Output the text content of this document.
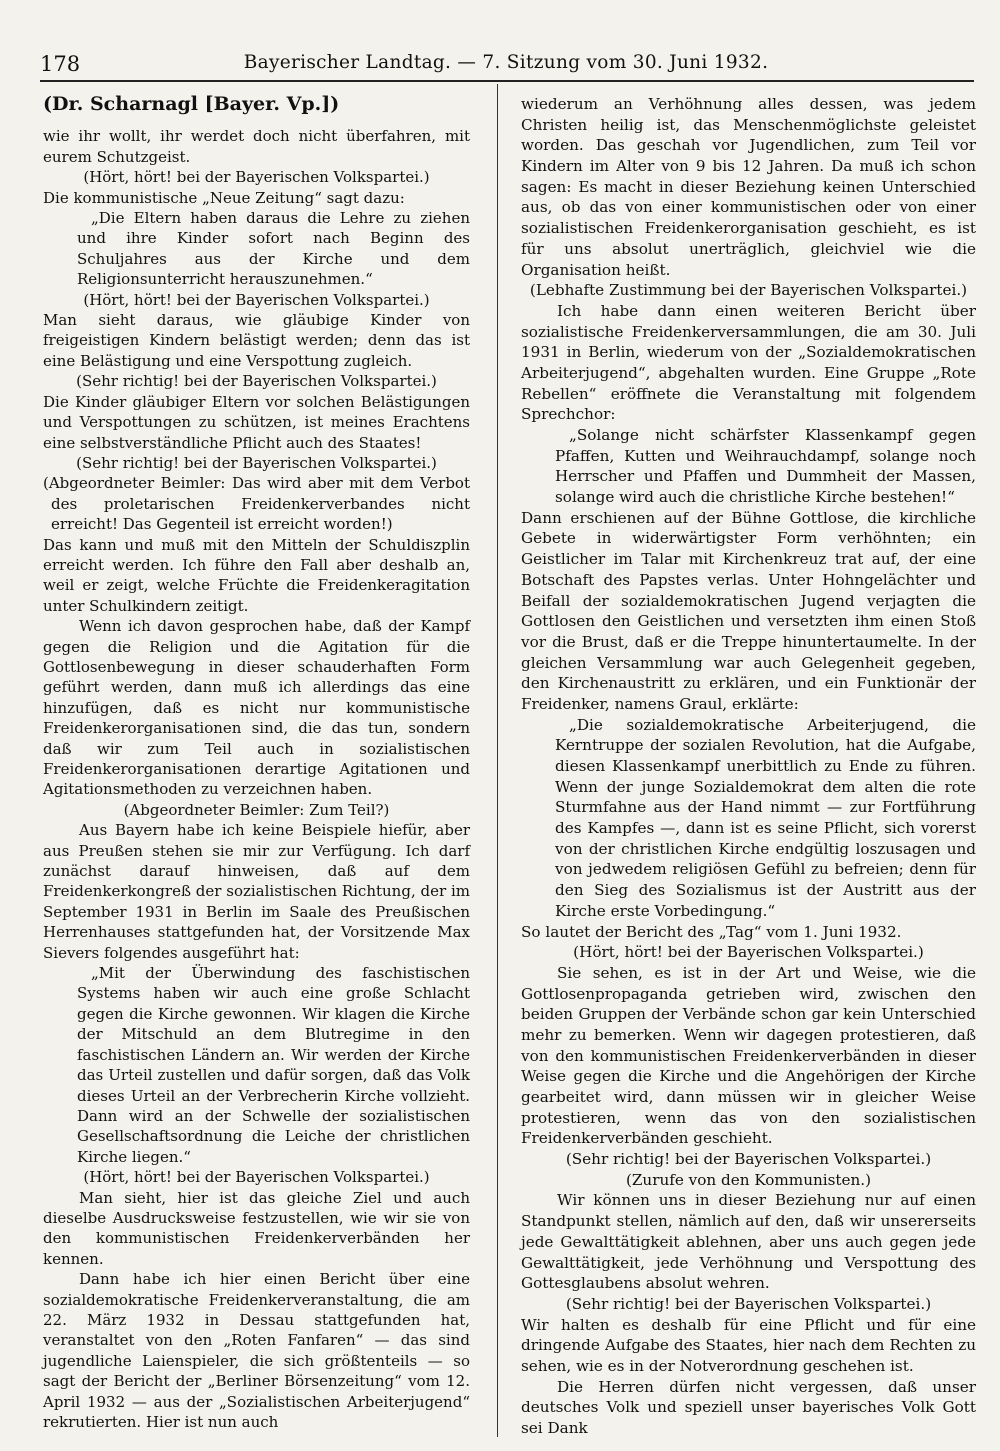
178	Bayerischer Landtag. — 7. Sitzung vom 30. Juni 1932.

(Dr. Scharnagl [Bayer. Vp.])

wie ihr wollt, ihr werdet doch nicht überfahren, mit eurem Schutzgeist.

(Hört, hört! bei der Bayerischen Volkspartei.)

Die kommunistische „Neue Zeitung“ sagt dazu:

„Die Eltern haben daraus die Lehre zu ziehen und ihre Kinder sofort nach Beginn des Schuljahres aus der Kirche und dem Religionsunterricht herauszunehmen.“

(Hört, hört! bei der Bayerischen Volkspartei.)

Man sieht daraus, wie gläubige Kinder von freigeistigen Kindern belästigt werden; denn das ist eine Belästigung und eine Verspottung zugleich.

(Sehr richtig! bei der Bayerischen Volkspartei.)

Die Kinder gläubiger Eltern vor solchen Belästigungen und Verspottungen zu schützen, ist meines Erachtens eine selbstverständliche Pflicht auch des Staates!

(Sehr richtig! bei der Bayerischen Volkspartei.)

(Abgeordneter Beimler: Das wird aber mit dem Verbot des proletarischen Freidenkerverbandes nicht erreicht! Das Gegenteil ist erreicht worden!)

Das kann und muß mit den Mitteln der Schuldiszplin erreicht werden. Ich führe den Fall aber deshalb an, weil er zeigt, welche Früchte die Freidenkeragitation unter Schulkindern zeitigt.

Wenn ich davon gesprochen habe, daß der Kampf gegen die Religion und die Agitation für die Gottlosenbewegung in dieser schauderhaften Form geführt werden, dann muß ich allerdings das eine hinzufügen, daß es nicht nur kommunistische Freidenkerorganisationen sind, die das tun, sondern daß wir zum Teil auch in sozialistischen Freidenkerorganisationen derartige Agitationen und Agitationsmethoden zu verzeichnen haben.

(Abgeordneter Beimler: Zum Teil?)

Aus Bayern habe ich keine Beispiele hiefür, aber aus Preußen stehen sie mir zur Verfügung. Ich darf zunächst darauf hinweisen, daß auf dem Freidenkerkongreß der sozialistischen Richtung, der im September 1931 in Berlin im Saale des Preußischen Herrenhauses stattgefunden hat, der Vorsitzende Max Sievers folgendes ausgeführt hat:

„Mit der Überwindung des faschistischen Systems haben wir auch eine große Schlacht gegen die Kirche gewonnen. Wir klagen die Kirche der Mitschuld an dem Blutregime in den faschistischen Ländern an. Wir werden der Kirche das Urteil zustellen und dafür sorgen, daß das Volk dieses Urteil an der Verbrecherin Kirche vollzieht. Dann wird an der Schwelle der sozialistischen Gesellschaftsordnung die Leiche der christlichen Kirche liegen.“

(Hört, hört! bei der Bayerischen Volkspartei.)

Man sieht, hier ist das gleiche Ziel und auch dieselbe Ausdrucksweise festzustellen, wie wir sie von den kommunistischen Freidenkerverbänden her kennen.

Dann habe ich hier einen Bericht über eine sozialdemokratische Freidenkerveranstaltung, die am 22. März 1932 in Dessau stattgefunden hat, veranstaltet von den „Roten Fanfaren“ — das sind jugendliche Laienspieler, die sich größtenteils — so sagt der Bericht der „Berliner Börsenzeitung“ vom 12. April 1932 — aus der „Sozialistischen Arbeiterjugend“ rekrutierten. Hier ist nun auch

wiederum an Verhöhnung alles dessen, was jedem Christen heilig ist, das Menschenmöglichste geleistet worden. Das geschah vor Jugendlichen, zum Teil vor Kindern im Alter von 9 bis 12 Jahren. Da muß ich schon sagen: Es macht in dieser Beziehung keinen Unterschied aus, ob das von einer kommunistischen oder von einer sozialistischen Freidenkerorganisation geschieht, es ist für uns absolut unerträglich, gleichviel wie die Organisation heißt.

(Lebhafte Zustimmung bei der Bayerischen Volkspartei.)

Ich habe dann einen weiteren Bericht über sozialistische Freidenkerversammlungen, die am 30. Juli 1931 in Berlin, wiederum von der „Sozialdemokratischen Arbeiterjugend“, abgehalten wurden. Eine Gruppe „Rote Rebellen“ eröffnete die Veranstaltung mit folgendem Sprechchor:

„Solange nicht schärfster Klassenkampf gegen Pfaffen, Kutten und Weihrauchdampf, solange noch Herrscher und Pfaffen und Dummheit der Massen, solange wird auch die christliche Kirche bestehen!“

Dann erschienen auf der Bühne Gottlose, die kirchliche Gebete in widerwärtigster Form verhöhnten; ein Geistlicher im Talar mit Kirchenkreuz trat auf, der eine Botschaft des Papstes verlas. Unter Hohngelächter und Beifall der sozialdemokratischen Jugend verjagten die Gottlosen den Geistlichen und versetzten ihm einen Stoß vor die Brust, daß er die Treppe hinuntertaumelte. In der gleichen Versammlung war auch Gelegenheit gegeben, den Kirchenaustritt zu erklären, und ein Funktionär der Freidenker, namens Graul, erklärte:

„Die sozialdemokratische Arbeiterjugend, die Kerntruppe der sozialen Revolution, hat die Aufgabe, diesen Klassenkampf unerbittlich zu Ende zu führen. Wenn der junge Sozialdemokrat dem alten die rote Sturmfahne aus der Hand nimmt — zur Fortführung des Kampfes —, dann ist es seine Pflicht, sich vorerst von der christlichen Kirche endgültig loszusagen und von jedwedem religiösen Gefühl zu befreien; denn für den Sieg des Sozialismus ist der Austritt aus der Kirche erste Vorbedingung.“

So lautet der Bericht des „Tag“ vom 1. Juni 1932.

(Hört, hört! bei der Bayerischen Volkspartei.)

Sie sehen, es ist in der Art und Weise, wie die Gottlosenpropaganda getrieben wird, zwischen den beiden Gruppen der Verbände schon gar kein Unterschied mehr zu bemerken. Wenn wir dagegen protestieren, daß von den kommunistischen Freidenkerverbänden in dieser Weise gegen die Kirche und die Angehörigen der Kirche gearbeitet wird, dann müssen wir in gleicher Weise protestieren, wenn das von den sozialistischen Freidenkerverbänden geschieht.

(Sehr richtig! bei der Bayerischen Volkspartei.)

(Zurufe von den Kommunisten.)

Wir können uns in dieser Beziehung nur auf einen Standpunkt stellen, nämlich auf den, daß wir unsererseits jede Gewalttätigkeit ablehnen, aber uns auch gegen jede Gewalttätigkeit, jede Verhöhnung und Verspottung des Gottesglaubens absolut wehren.

(Sehr richtig! bei der Bayerischen Volkspartei.)

Wir halten es deshalb für eine Pflicht und für eine dringende Aufgabe des Staates, hier nach dem Rechten zu sehen, wie es in der Notverordnung geschehen ist.

Die Herren dürfen nicht vergessen, daß unser deutsches Volk und speziell unser bayerisches Volk Gott sei Dank
